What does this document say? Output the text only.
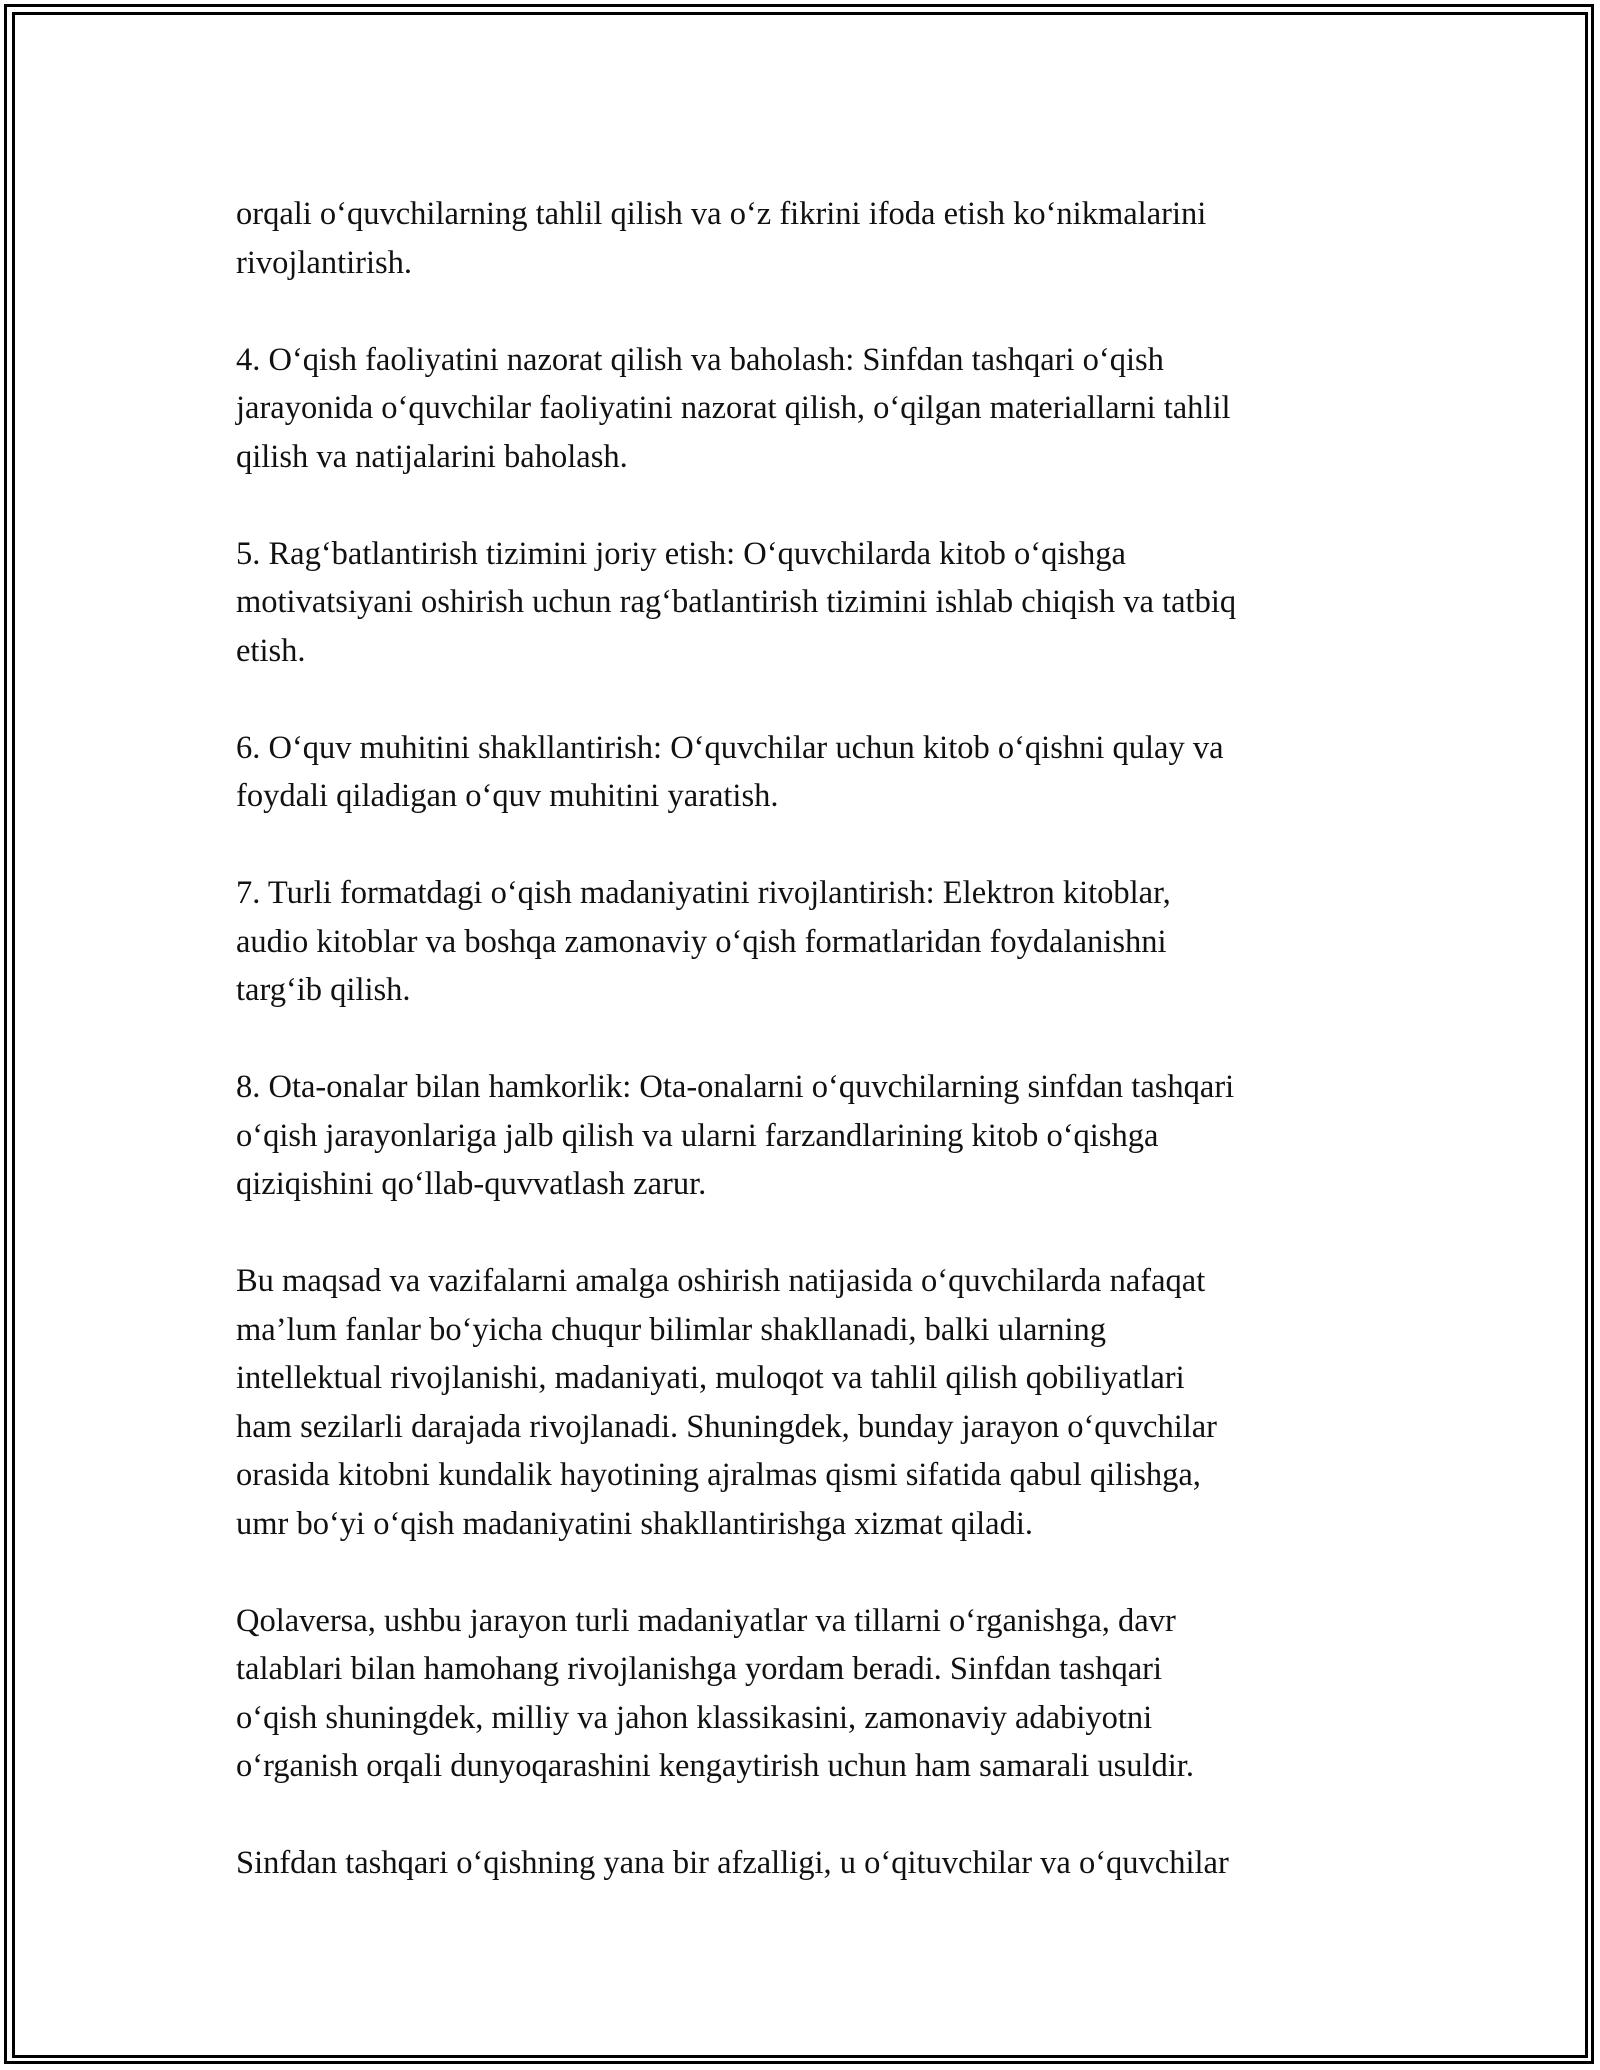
orqali o‘quvchilarning tahlil qilish va o‘z fikrini ifoda etish ko‘nikmalarini
rivojlantirish.

4. O‘qish faoliyatini nazorat qilish va baholash: Sinfdan tashqari o‘qish
jarayonida o‘quvchilar faoliyatini nazorat qilish, o‘qilgan materiallarni tahlil
qilish va natijalarini baholash.

5. Rag‘batlantirish tizimini joriy etish: O‘quvchilarda kitob o‘qishga
motivatsiyani oshirish uchun rag‘batlantirish tizimini ishlab chiqish va tatbiq
etish.

6. O‘quv muhitini shakllantirish: O‘quvchilar uchun kitob o‘qishni qulay va
foydali qiladigan o‘quv muhitini yaratish.

7. Turli formatdagi o‘qish madaniyatini rivojlantirish: Elektron kitoblar,
audio kitoblar va boshqa zamonaviy o‘qish formatlaridan foydalanishni
targ‘ib qilish.

8. Ota-onalar bilan hamkorlik: Ota-onalarni o‘quvchilarning sinfdan tashqari
o‘qish jarayonlariga jalb qilish va ularni farzandlarining kitob o‘qishga
qiziqishini qo‘llab-quvvatlash zarur.

Bu maqsad va vazifalarni amalga oshirish natijasida o‘quvchilarda nafaqat
ma’lum fanlar bo‘yicha chuqur bilimlar shakllanadi, balki ularning
intellektual rivojlanishi, madaniyati, muloqot va tahlil qilish qobiliyatlari
ham sezilarli darajada rivojlanadi. Shuningdek, bunday jarayon o‘quvchilar
orasida kitobni kundalik hayotining ajralmas qismi sifatida qabul qilishga,
umr bo‘yi o‘qish madaniyatini shakllantirishga xizmat qiladi.

Qolaversa, ushbu jarayon turli madaniyatlar va tillarni o‘rganishga, davr
talablari bilan hamohang rivojlanishga yordam beradi. Sinfdan tashqari
o‘qish shuningdek, milliy va jahon klassikasini, zamonaviy adabiyotni
o‘rganish orqali dunyoqarashini kengaytirish uchun ham samarali usuldir.

Sinfdan tashqari o‘qishning yana bir afzalligi, u o‘qituvchilar va o‘quvchilar
